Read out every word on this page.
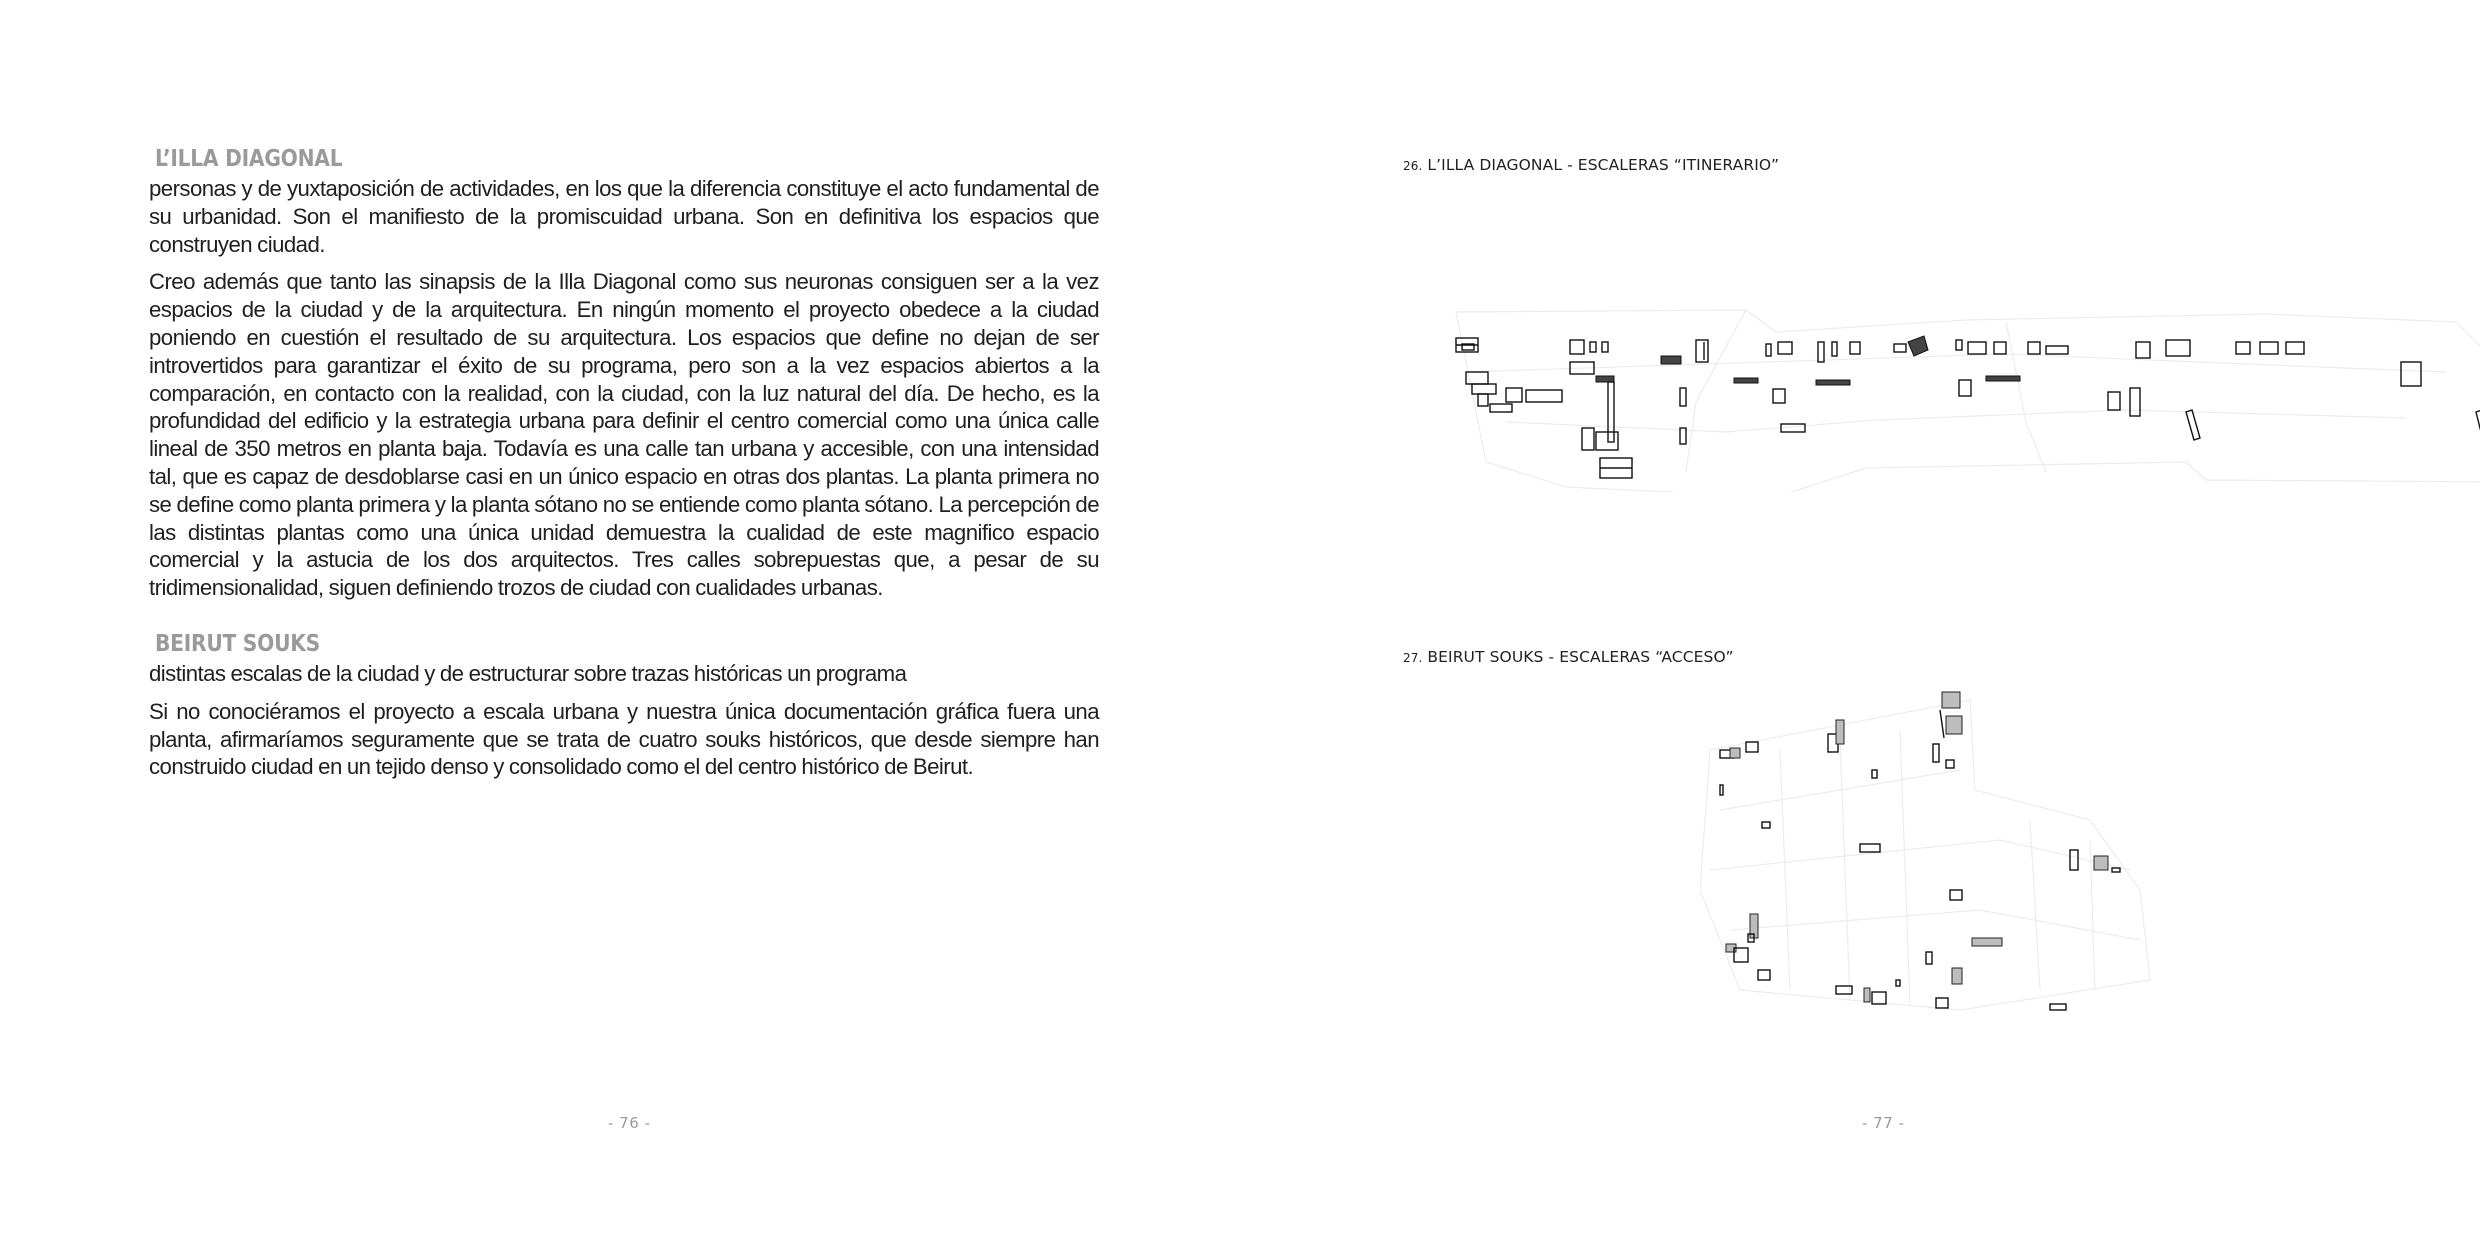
L’ILLA DIAGONAL

personas y de yuxtaposición de actividades, en los que la diferencia constituye el acto fundamental de su urbanidad. Son el manifiesto de la promiscuidad urbana. Son en definitiva los espacios que construyen ciudad.

Creo además que tanto las sinapsis de la Illa Diagonal como sus neuronas consiguen ser a la vez espacios de la ciudad y de la arquitectura. En ningún momento el proyecto obedece a la ciudad poniendo en cuestión el resultado de su arquitectura. Los espacios que define no dejan de ser introvertidos para garantizar el éxito de su programa, pero son a la vez espacios abiertos a la comparación, en contacto con la realidad, con la ciudad, con la luz natural del día. De hecho, es la profundidad del edificio y la estrategia urbana para definir el centro comercial como una única calle lineal de 350 metros en planta baja. Todavía es una calle tan urbana y accesible, con una intensidad tal, que es capaz de desdoblarse casi en un único espacio en otras dos plantas. La planta primera no se define como planta primera y la planta sótano no se entiende como planta sótano. La percepción de las distintas plantas como una única unidad demuestra la cualidad de este magnifico espacio comercial y la astucia de los dos arquitectos. Tres calles sobrepuestas que, a pesar de su tridimensionalidad, siguen definiendo trozos de ciudad con cualidades urbanas.

BEIRUT SOUKS

distintas escalas de la ciudad y de estructurar sobre trazas históricas un programa

Si no conociéramos el proyecto a escala urbana y nuestra única documentación gráfica fuera una planta, afirmaríamos seguramente que se trata de cuatro souks históricos, que desde siempre han construido ciudad en un tejido denso y consolidado como el del centro histórico de Beirut.

- 76 -
26. L’ILLA DIAGONAL - ESCALERAS “ITINERARIO”
27. BEIRUT SOUKS - ESCALERAS “ACCESO”
- 77 -
